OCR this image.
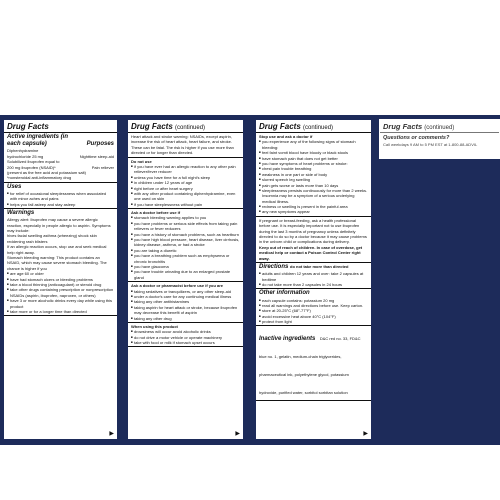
Drug Facts
Active ingredients (in each capsule)	Purposes
Diphenhydramine
hydrochloride 25 mg	Nighttime sleep-aid
Solubilized ibuprofen equal to
200 mg ibuprofen (NSAID)*	Pain reliever
(present as the free acid and potassium salt)
*nonsteroidal anti-inflammatory drug
Uses
■ for relief of occasional sleeplessness when associated with minor aches and pains
■ helps you fall asleep and stay asleep
Warnings
Allergy alert: Ibuprofen may cause a severe allergic reaction, especially in people allergic to aspirin. Symptoms may include:
hives facial swelling asthma (wheezing) shock skin reddening rash blisters
If an allergic reaction occurs, stop use and seek medical help right away.
Stomach bleeding warning: This product contains an NSAID, which may cause severe stomach bleeding. The chance is higher if you
■ are age 60 or older
■ have had stomach ulcers or bleeding problems
■ take a blood thinning (anticoagulant) or steroid drug
■ take other drugs containing prescription or nonprescription NSAIDs (aspirin, ibuprofen, naproxen, or others)
■ have 3 or more alcoholic drinks every day while using this product
■ take more or for a longer time than directed
▶
Drug Facts (continued)
Heart attack and stroke warning: NSAIDs, except aspirin, increase the risk of heart attack, heart failure, and stroke. These can be fatal. The risk is higher if you use more than directed or for longer than directed.
Do not use
■ if you have ever had an allergic reaction to any other pain reliever/fever reducer
■ unless you have time for a full night's sleep
■ in children under 12 years of age
■ right before or after heart surgery
■ with any other product containing diphenhydramine, even one used on skin
■ if you have sleeplessness without pain
Ask a doctor before use if
■ stomach bleeding warning applies to you
■ you have problems or serious side effects from taking pain relievers or fever reducers
■ you have a history of stomach problems, such as heartburn
■ you have high blood pressure, heart disease, liver cirrhosis, kidney disease, asthma, or had a stroke
■ you are taking a diuretic
■ you have a breathing problem such as emphysema or chronic bronchitis
■ you have glaucoma
■ you have trouble urinating due to an enlarged prostate gland
Ask a doctor or pharmacist before use if you are
■ taking sedatives or tranquilizers, or any other sleep-aid
■ under a doctor's care for any continuing medical illness
■ taking any other antihistamines
■ taking aspirin for heart attack or stroke, because ibuprofen may decrease this benefit of aspirin
■ taking any other drug
When using this product
■ drowsiness will occur avoid alcoholic drinks
■ do not drive a motor vehicle or operate machinery
■ take with food or milk if stomach upset occurs
▶
Drug Facts (continued)
Stop use and ask a doctor if
■ you experience any of the following signs of stomach bleeding:
■ feel faint vomit blood have bloody or black stools
■ have stomach pain that does not get better
■ you have symptoms of heart problems or stroke:
■ chest pain trouble breathing
■ weakness in one part or side of body
■ slurred speech leg swelling
■ pain gets worse or lasts more than 10 days
■ sleeplessness persists continuously for more than 2 weeks. Insomnia may be a symptom of a serious underlying medical illness.
■ redness or swelling is present in the painful area
■ any new symptoms appear
If pregnant or breast-feeding, ask a health professional before use. It is especially important not to use ibuprofen during the last 3 months of pregnancy unless definitely directed to do so by a doctor because it may cause problems in the unborn child or complications during delivery.
Keep out of reach of children. In case of overdose, get medical help or contact a Poison Control Center right away.
Directions do not take more than directed
■ adults and children 12 years and over: take 2 capsules at bedtime
■ do not take more than 2 capsules in 24 hours
Other information
■ each capsule contains: potassium 20 mg
■ read all warnings and directions before use. Keep carton.
■ store at 20-25°C (68°-77°F)
■ avoid excessive heat above 40°C (104°F)
■ protect from light
Inactive ingredients D&C red no. 33, FD&C blue no. 1, gelatin, medium-chain triglycerides, pharmaceutical ink, polyethylene glycol, potassium hydroxide, purified water, sorbitol sorbitan solution
▶
Drug Facts (continued)
Questions or comments?
Call weekdays 9 AM to 5 PM EST at 1-800-88-ADVIL
